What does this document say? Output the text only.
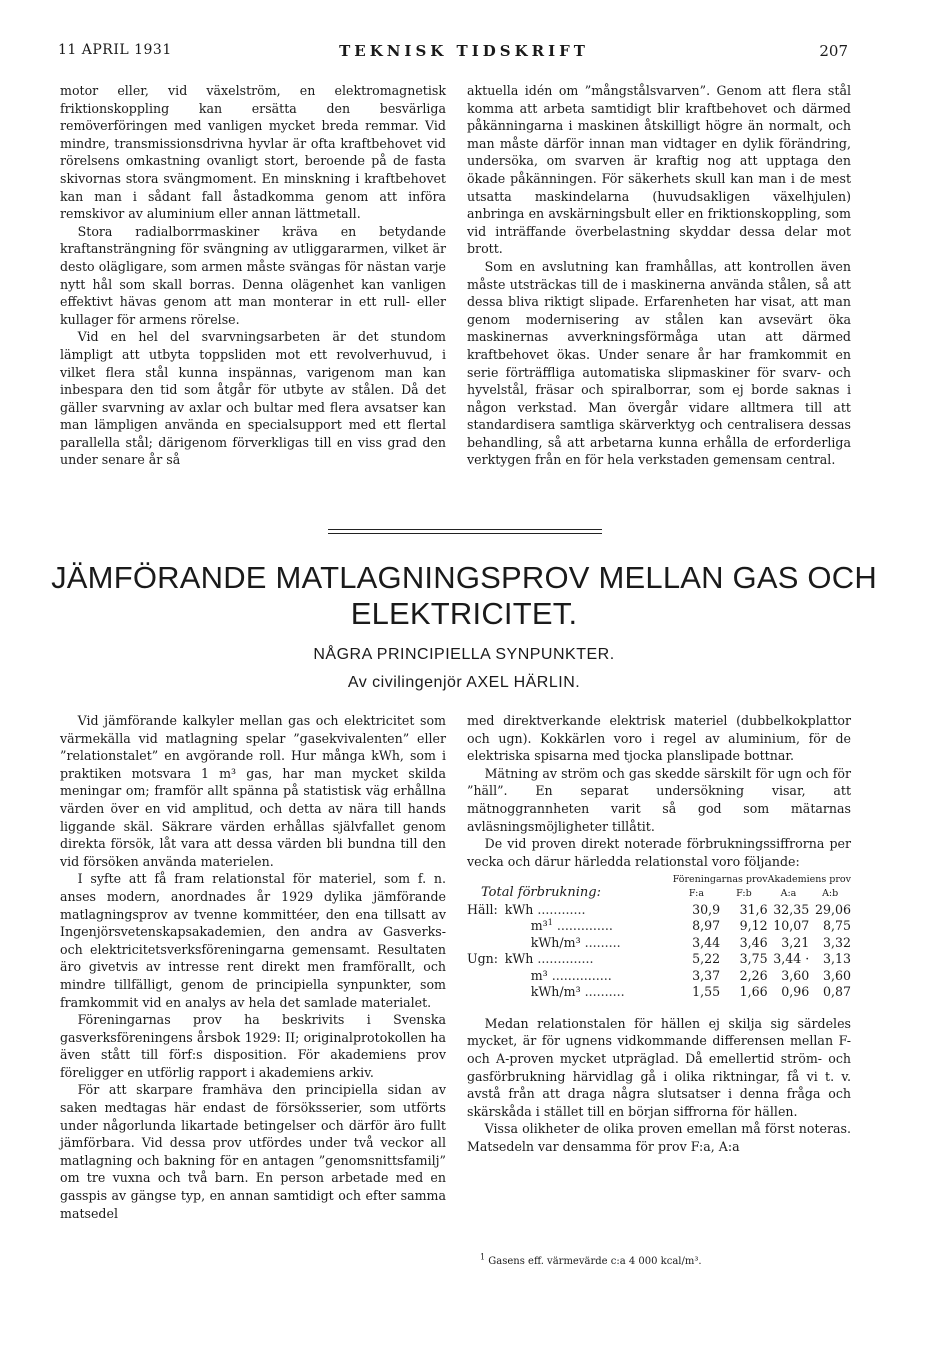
11 APRIL 1931	TEKNISK TIDSKRIFT	207

motor eller, vid växelström, en elektromagnetisk friktionskoppling kan ersätta den besvärliga remöverföringen med vanligen mycket breda remmar. Vid mindre, transmissionsdrivna hyvlar är ofta kraftbehovet vid rörelsens omkastning ovanligt stort, beroende på de fasta skivornas stora svängmoment. En minskning i kraftbehovet kan man i sådant fall åstadkomma genom att införa remskivor av aluminium eller annan lättmetall.

Stora radialborrmaskiner kräva en betydande kraftansträngning för svängning av utliggararmen, vilket är desto olägligare, som armen måste svängas för nästan varje nytt hål som skall borras. Denna olägenhet kan vanligen effektivt hävas genom att man monterar in ett rull- eller kullager för armens rörelse.

Vid en hel del svarvningsarbeten är det stundom lämpligt att utbyta toppsliden mot ett revolverhuvud, i vilket flera stål kunna inspännas, varigenom man kan inbespara den tid som åtgår för utbyte av stålen. Då det gäller svarvning av axlar och bultar med flera avsatser kan man lämpligen använda en specialsupport med ett flertal parallella stål; därigenom förverkligas till en viss grad den under senare år så

aktuella idén om ”mångstålsvarven”. Genom att flera stål komma att arbeta samtidigt blir kraftbehovet och därmed påkänningarna i maskinen åtskilligt högre än normalt, och man måste därför innan man vidtager en dylik förändring, undersöka, om svarven är kraftig nog att upptaga den ökade påkänningen. För säkerhets skull kan man i de mest utsatta maskindelarna (huvudsakligen växelhjulen) anbringa en avskärningsbult eller en friktionskoppling, som vid inträffande överbelastning skyddar dessa delar mot brott.

Som en avslutning kan framhållas, att kontrollen även måste utsträckas till de i maskinerna använda stålen, så att dessa bliva riktigt slipade. Erfarenheten har visat, att man genom modernisering av stålen kan avsevärt öka maskinernas avverkningsförmåga utan att därmed kraftbehovet ökas. Under senare år har framkommit en serie förträffliga automatiska slipmaskiner för svarv- och hyvelstål, fräsar och spiralborrar, som ej borde saknas i någon verkstad. Man övergår vidare alltmera till att standardisera samtliga skärverktyg och centralisera dessas behandling, så att arbetarna kunna erhålla de erforderliga verktygen från en för hela verkstaden gemensam central.

JÄMFÖRANDE MATLAGNINGSPROV MELLAN GAS OCH
ELEKTRICITET.
NÅGRA PRINCIPIELLA SYNPUNKTER.
Av civilingenjör AXEL HÄRLIN.

Vid jämförande kalkyler mellan gas och elektricitet som värmekälla vid matlagning spelar ”gasekvivalenten” eller ”relationstalet” en avgörande roll. Hur många kWh, som i praktiken motsvara 1 m³ gas, har man mycket skilda meningar om; framför allt spänna på statistisk väg erhållna värden över en vid amplitud, och detta av nära till hands liggande skäl. Säkrare värden erhållas självfallet genom direkta försök, låt vara att dessa värden bli bundna till den vid försöken använda materielen.

I syfte att få fram relationstal för materiel, som f. n. anses modern, anordnades år 1929 dylika jämförande matlagningsprov av tvenne kommittéer, den ena tillsatt av Ingenjörsvetenskapsakademien, den andra av Gasverks- och elektricitetsverksföreningarna gemensamt. Resultaten äro givetvis av intresse rent direkt men framförallt, och mindre tillfälligt, genom de principiella synpunkter, som framkommit vid en analys av hela det samlade materialet.

Föreningarnas prov ha beskrivits i Svenska gasverksföreningens årsbok 1929: II; originalprotokollen ha även stått till förf:s disposition. För akademiens prov föreligger en utförlig rapport i akademiens arkiv.

För att skarpare framhäva den principiella sidan av saken medtagas här endast de försöksserier, som utförts under någorlunda likartade betingelser och därför äro fullt jämförbara. Vid dessa prov utfördes under två veckor all matlagning och bakning för en antagen ”genomsnittsfamilj” om tre vuxna och två barn. En person arbetade med en gasspis av gängse typ, en annan samtidigt och efter samma matsedel

med direktverkande elektrisk materiel (dubbelkokplattor och ugn). Kokkärlen voro i regel av aluminium, för de elektriska spisarna med tjocka planslipade bottnar.

Mätning av ström och gas skedde särskilt för ugn och för ”häll”. En separat undersökning visar, att mätnoggrannheten varit så god som mätarnas avläsningsmöjligheter tillåtit.

De vid proven direkt noterade förbrukningssiffrorna per vecka och därur härledda relationstal voro följande:

		Föreningarnas prov		Akademiens prov	
Total förbrukning:		F:a	F:b	A:a	A:b
Häll:	kWh ............	30,9	31,6	32,35	29,06
	m³$^1$ ..............	8,97	9,12	10,07	8,75
	kWh/m³ .........	3,44	3,46	3,21	3,32
Ugn:	kWh ..............	5,22	3,75	3,44 ·	3,13
	m³ ...............	3,37	2,26	3,60	3,60
	kWh/m³ ..........	1,55	1,66	0,96	0,87

Medan relationstalen för hällen ej skilja sig särdeles mycket, är för ugnens vidkommande differensen mellan F- och A-proven mycket utpräglad. Då emellertid ström- och gasförbrukning härvidlag gå i olika riktningar, få vi t. v. avstå från att draga några slutsatser i denna fråga och skärskåda i stället till en början siffrorna för hällen.

Vissa olikheter de olika proven emellan må först noteras. Matsedeln var densamma för prov F:a, A:a

$^1$ Gasens eff. värmevärde c:a 4 000 kcal/m³.
